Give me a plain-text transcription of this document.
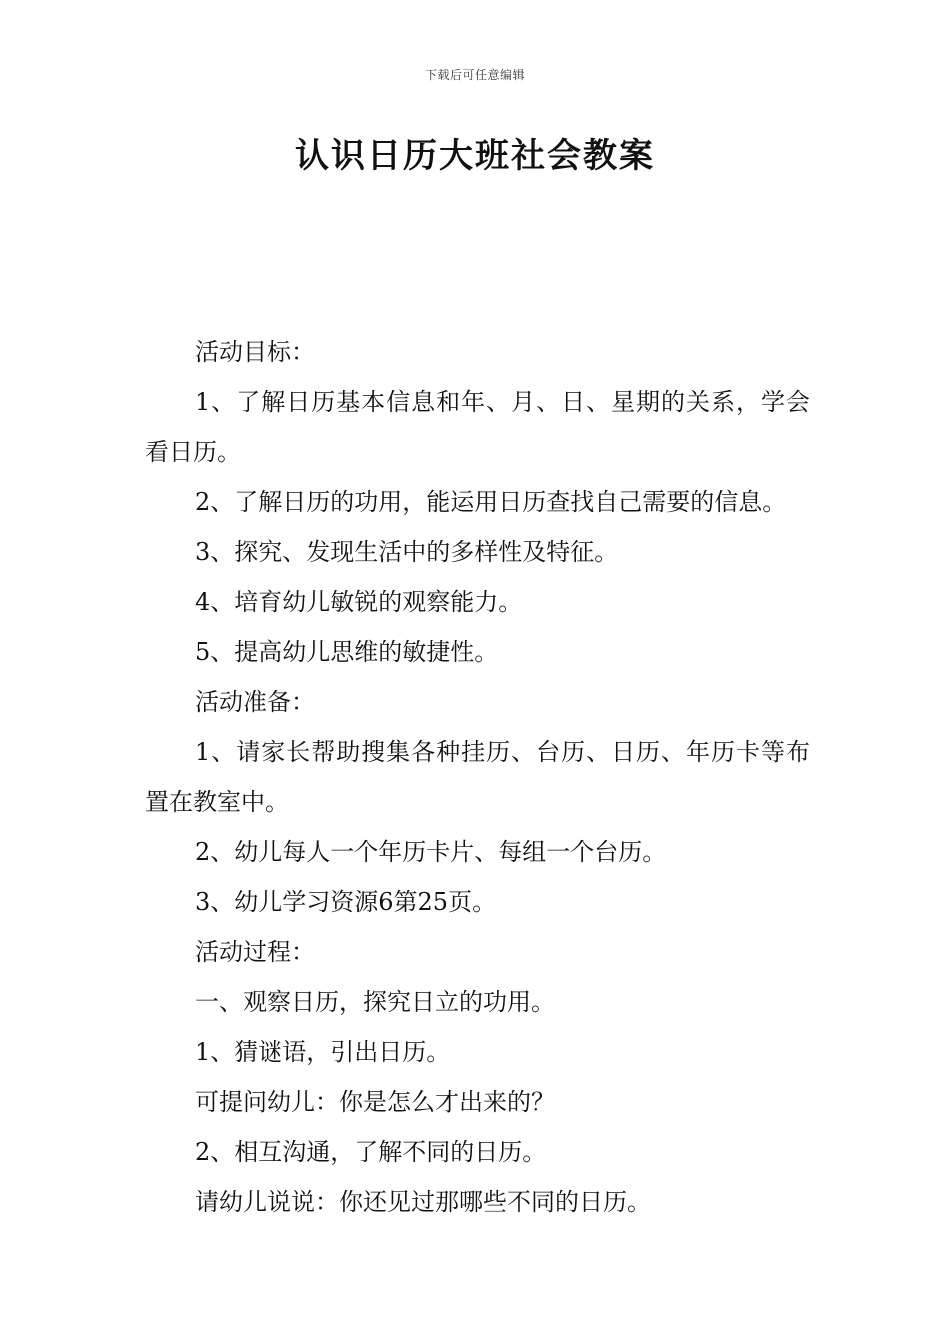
下载后可任意编辑
认识日历大班社会教案

活动目标：

1、了解日历基本信息和年、月、日、星期的关系，学会看日历。

2、了解日历的功用，能运用日历查找自己需要的信息。

3、探究、发现生活中的多样性及特征。

4、培育幼儿敏锐的观察能力。

5、提高幼儿思维的敏捷性。

活动准备：

1、请家长帮助搜集各种挂历、台历、日历、年历卡等布置在教室中。

2、幼儿每人一个年历卡片、每组一个台历。

3、幼儿学习资源6第25页。

活动过程：

一、观察日历，探究日立的功用。

1、猜谜语，引出日历。

可提问幼儿：你是怎么才出来的？

2、相互沟通，了解不同的日历。

请幼儿说说：你还见过那哪些不同的日历。
